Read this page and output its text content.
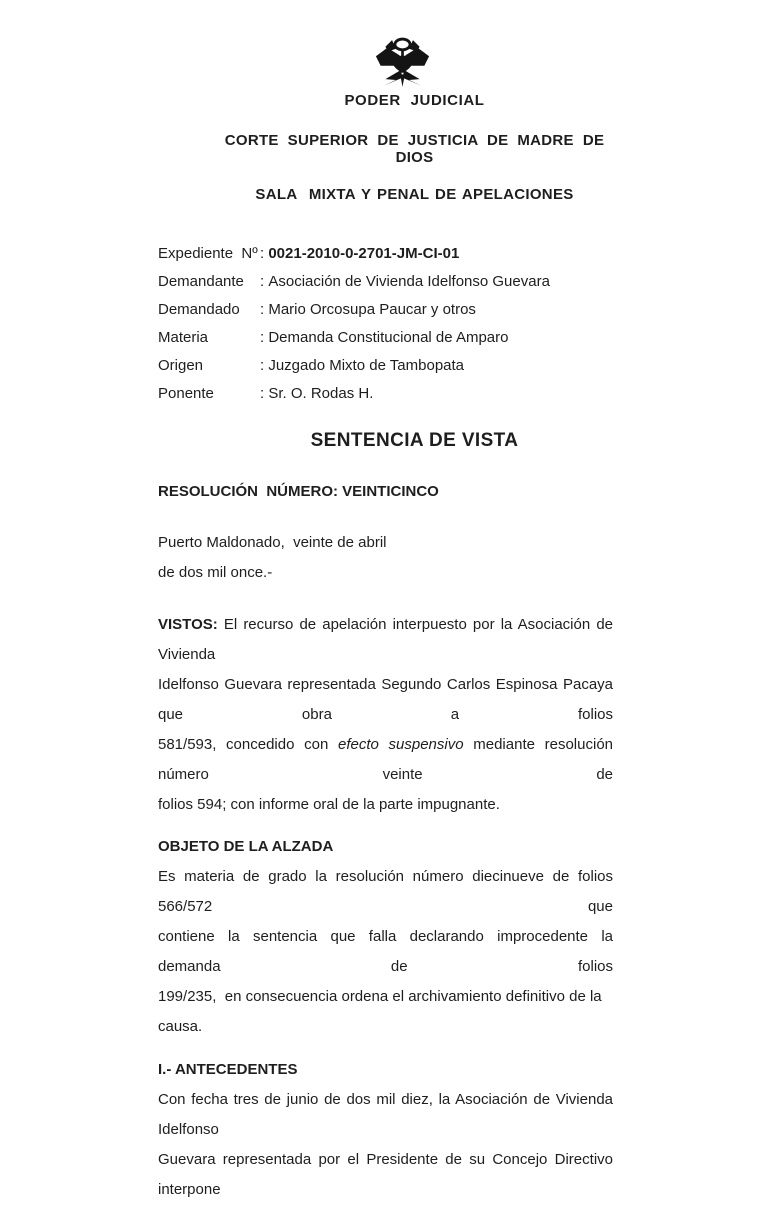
PODER JUDICIAL
CORTE SUPERIOR DE JUSTICIA DE MADRE DE DIOS
SALA  MIXTA Y PENAL DE APELACIONES
Expediente  Nº : 0021-2010-0-2701-JM-CI-01
Demandante	: Asociación de Vivienda Idelfonso Guevara
Demandado	: Mario Orcosupa Paucar y otros
Materia	: Demanda Constitucional de Amparo
Origen	: Juzgado Mixto de Tambopata
Ponente	: Sr. O. Rodas H.
SENTENCIA DE VISTA
RESOLUCIÓN  NÚMERO: VEINTICINCO
Puerto Maldonado,  veinte de abril
de dos mil once.-
VISTOS: El recurso de apelación interpuesto por la Asociación de Vivienda
Idelfonso Guevara representada Segundo Carlos Espinosa Pacaya que obra a folios
581/593, concedido con efecto suspensivo mediante resolución número veinte de
folios 594; con informe oral de la parte impugnante.
OBJETO DE LA ALZADA
Es materia de grado la resolución número diecinueve de folios 566/572 que
contiene la sentencia que falla declarando improcedente la demanda de folios
199/235,  en consecuencia ordena el archivamiento definitivo de la causa.
I.- ANTECEDENTES
Con fecha tres de junio de dos mil diez, la Asociación de Vivienda Idelfonso
Guevara representada por el Presidente de su Concejo Directivo interpone
